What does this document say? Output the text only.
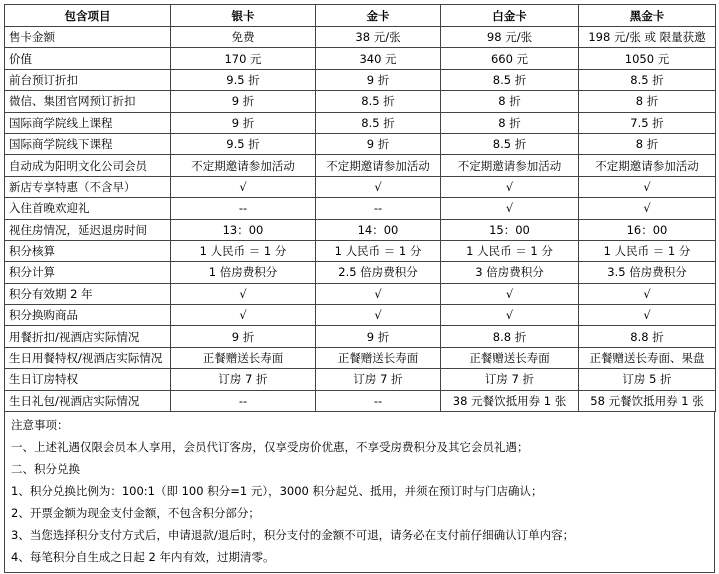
包含项目	银卡	金卡	白金卡	黑金卡
售卡金额	免费	38 元/张	98 元/张	198 元/张 或 限量获邀
价值	170 元	340 元	660 元	1050 元
前台预订折扣	9.5 折	9 折	8.5 折	8.5 折
微信、集团官网预订折扣	9 折	8.5 折	8 折	8 折
国际商学院线上课程	9 折	8.5 折	8 折	7.5 折
国际商学院线下课程	9.5 折	9 折	8.5 折	8 折
自动成为阳明文化公司会员	不定期邀请参加活动	不定期邀请参加活动	不定期邀请参加活动	不定期邀请参加活动
新店专享特惠（不含早）	√	√	√	√
入住首晚欢迎礼	--	--	√	√
视住房情况，延迟退房时间	13：00	14：00	15：00	16：00
积分核算	1 人民币 ＝ 1 分	1 人民币 ＝ 1 分	1 人民币 ＝ 1 分	1 人民币 ＝ 1 分
积分计算	1 倍房费积分	2.5 倍房费积分	3 倍房费积分	3.5 倍房费积分
积分有效期 2 年	√	√	√	√
积分换购商品	√	√	√	√
用餐折扣/视酒店实际情况	9 折	9 折	8.8 折	8.8 折
生日用餐特权/视酒店实际情况	正餐赠送长寿面	正餐赠送长寿面	正餐赠送长寿面	正餐赠送长寿面、果盘
生日订房特权	订房 7 折	订房 7 折	订房 7 折	订房 5 折
生日礼包/视酒店实际情况	--	--	38 元餐饮抵用券 1 张	58 元餐饮抵用券 1 张
注意事项：
一、上述礼遇仅限会员本人享用，会员代订客房，仅享受房价优惠，不享受房费积分及其它会员礼遇；
二、积分兑换
1、积分兑换比例为：100:1（即 100 积分=1 元），3000 积分起兑、抵用，并须在预订时与门店确认；
2、开票金额为现金支付金额，不包含积分部分；
3、当您选择积分支付方式后，申请退款/退后时，积分支付的金额不可退，请务必在支付前仔细确认订单内容；
4、每笔积分自生成之日起 2 年内有效，过期清零。
